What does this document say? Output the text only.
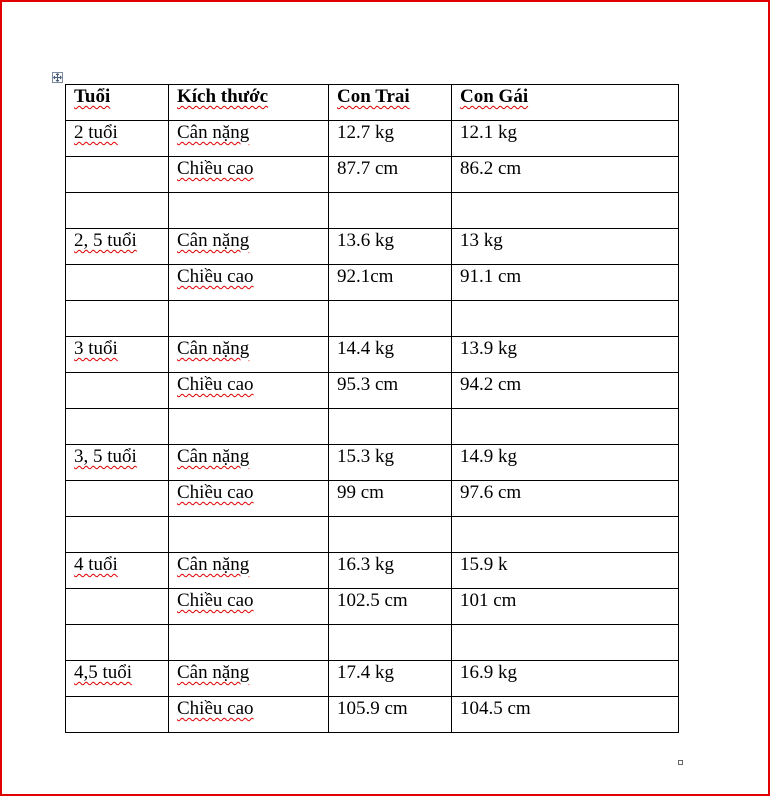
Tuổi	Kích thước	Con Trai	Con Gái
2 tuổi	Cân nặng	12.7 kg	12.1 kg
	Chiều cao	87.7 cm	86.2 cm

2, 5 tuổi	Cân nặng	13.6 kg	13 kg
	Chiều cao	92.1cm	91.1 cm

3 tuổi	Cân nặng	14.4 kg	13.9 kg
	Chiều cao	95.3 cm	94.2 cm

3, 5 tuổi	Cân nặng	15.3 kg	14.9 kg
	Chiều cao	99 cm	97.6 cm

4 tuổi	Cân nặng	16.3 kg	15.9 k
	Chiều cao	102.5 cm	101 cm

4,5 tuổi	Cân nặng	17.4 kg	16.9 kg
	Chiều cao	105.9 cm	104.5 cm
